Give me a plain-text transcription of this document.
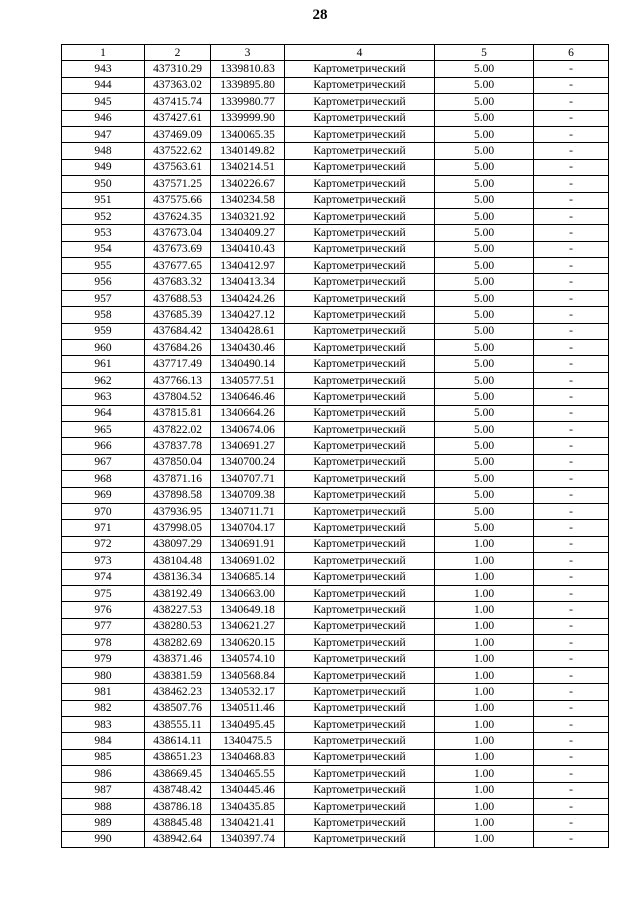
28
1	2	3	4	5	6
943	437310.29	1339810.83	Картометрический	5.00	-
944	437363.02	1339895.80	Картометрический	5.00	-
945	437415.74	1339980.77	Картометрический	5.00	-
946	437427.61	1339999.90	Картометрический	5.00	-
947	437469.09	1340065.35	Картометрический	5.00	-
948	437522.62	1340149.82	Картометрический	5.00	-
949	437563.61	1340214.51	Картометрический	5.00	-
950	437571.25	1340226.67	Картометрический	5.00	-
951	437575.66	1340234.58	Картометрический	5.00	-
952	437624.35	1340321.92	Картометрический	5.00	-
953	437673.04	1340409.27	Картометрический	5.00	-
954	437673.69	1340410.43	Картометрический	5.00	-
955	437677.65	1340412.97	Картометрический	5.00	-
956	437683.32	1340413.34	Картометрический	5.00	-
957	437688.53	1340424.26	Картометрический	5.00	-
958	437685.39	1340427.12	Картометрический	5.00	-
959	437684.42	1340428.61	Картометрический	5.00	-
960	437684.26	1340430.46	Картометрический	5.00	-
961	437717.49	1340490.14	Картометрический	5.00	-
962	437766.13	1340577.51	Картометрический	5.00	-
963	437804.52	1340646.46	Картометрический	5.00	-
964	437815.81	1340664.26	Картометрический	5.00	-
965	437822.02	1340674.06	Картометрический	5.00	-
966	437837.78	1340691.27	Картометрический	5.00	-
967	437850.04	1340700.24	Картометрический	5.00	-
968	437871.16	1340707.71	Картометрический	5.00	-
969	437898.58	1340709.38	Картометрический	5.00	-
970	437936.95	1340711.71	Картометрический	5.00	-
971	437998.05	1340704.17	Картометрический	5.00	-
972	438097.29	1340691.91	Картометрический	1.00	-
973	438104.48	1340691.02	Картометрический	1.00	-
974	438136.34	1340685.14	Картометрический	1.00	-
975	438192.49	1340663.00	Картометрический	1.00	-
976	438227.53	1340649.18	Картометрический	1.00	-
977	438280.53	1340621.27	Картометрический	1.00	-
978	438282.69	1340620.15	Картометрический	1.00	-
979	438371.46	1340574.10	Картометрический	1.00	-
980	438381.59	1340568.84	Картометрический	1.00	-
981	438462.23	1340532.17	Картометрический	1.00	-
982	438507.76	1340511.46	Картометрический	1.00	-
983	438555.11	1340495.45	Картометрический	1.00	-
984	438614.11	1340475.5	Картометрический	1.00	-
985	438651.23	1340468.83	Картометрический	1.00	-
986	438669.45	1340465.55	Картометрический	1.00	-
987	438748.42	1340445.46	Картометрический	1.00	-
988	438786.18	1340435.85	Картометрический	1.00	-
989	438845.48	1340421.41	Картометрический	1.00	-
990	438942.64	1340397.74	Картометрический	1.00	-
